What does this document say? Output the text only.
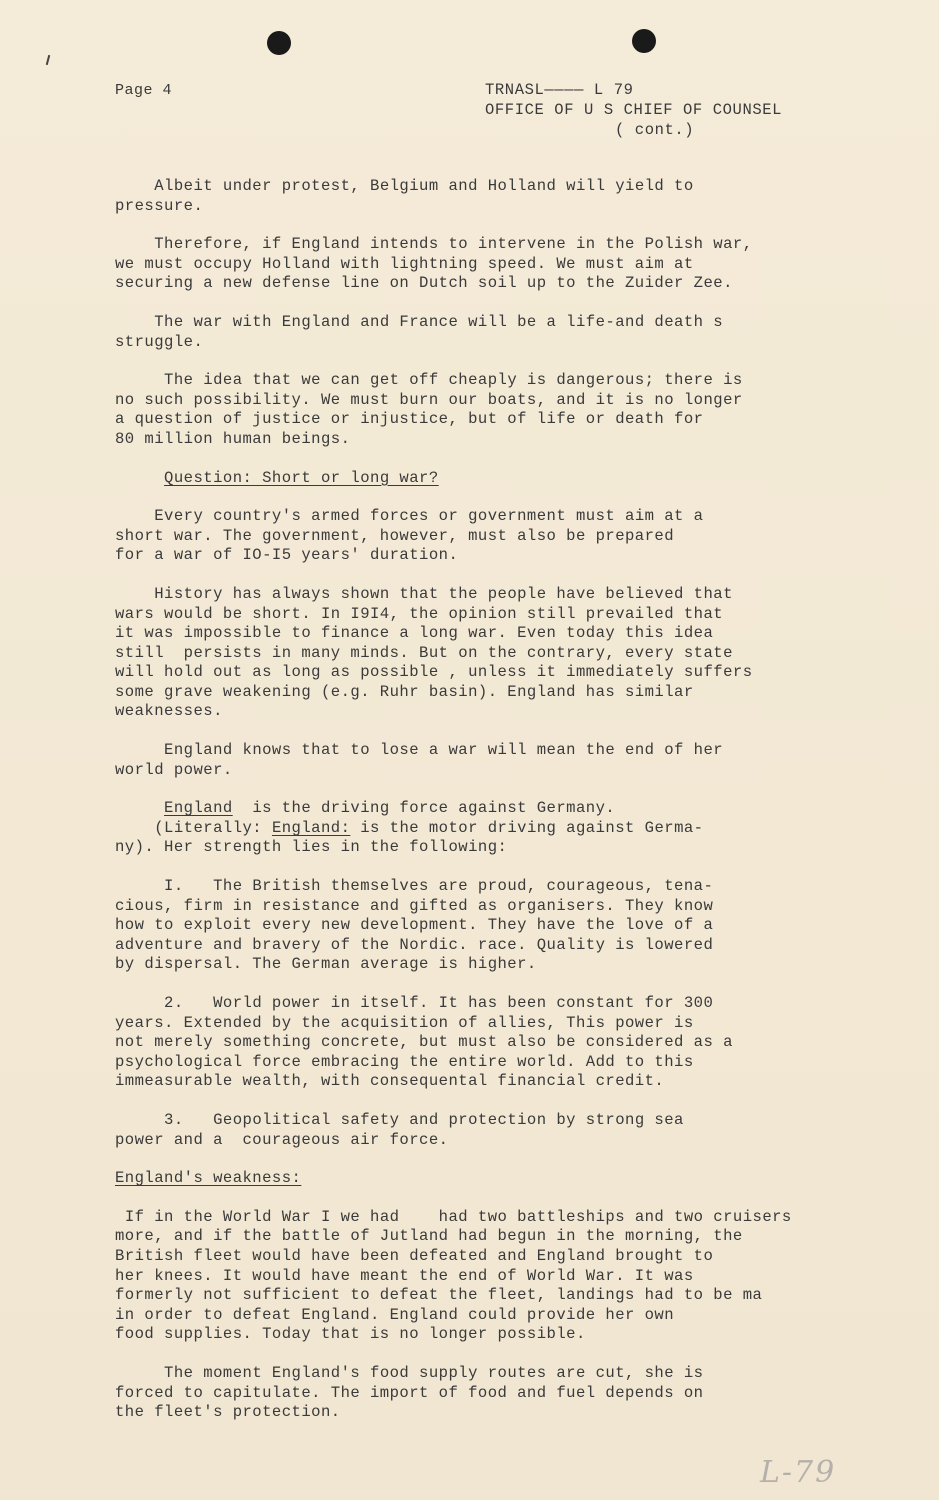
Page 4	TRNASL———— L 79
OFFICE OF U S CHIEF OF COUNSEL
( cont.)
Albeit under protest, Belgium and Holland will yield to
pressure.
Therefore, if England intends to intervene in the Polish war,
we must occupy Holland with lightning speed. We must aim at
securing a new defense line on Dutch soil up to the Zuider Zee.
The war with England and France will be a life-and death s
struggle.
The idea that we can get off cheaply is dangerous; there is
no such possibility. We must burn our boats, and it is no longer
a question of justice or injustice, but of life or death for
80 million human beings.
Question: Short or long war?
Every country's armed forces or government must aim at a
short war. The government, however, must also be prepared
for a war of IO-I5 years' duration.
History has always shown that the people have believed that
wars would be short. In I9I4, the opinion still prevailed that
it was impossible to finance a long war. Even today this idea
still  persists in many minds. But on the contrary, every state
will hold out as long as possible , unless it immediately suffers
some grave weakening (e.g. Ruhr basin). England has similar
weaknesses.
England knows that to lose a war will mean the end of her
world power.
England  is the driving force against Germany.
(Literally: England: is the motor driving against Germa-
ny). Her strength lies in the following:
I.   The British themselves are proud, courageous, tena-
cious, firm in resistance and gifted as organisers. They know
how to exploit every new development. They have the love of a
adventure and bravery of the Nordic. race. Quality is lowered
by dispersal. The German average is higher.
2.   World power in itself. It has been constant for 300
years. Extended by the acquisition of allies, This power is
not merely something concrete, but must also be considered as a
psychological force embracing the entire world. Add to this
immeasurable wealth, with consequental financial credit.
3.   Geopolitical safety and protection by strong sea
power and a  courageous air force.
England's weakness:
If in the World War I we had    had two battleships and two cruisers
more, and if the battle of Jutland had begun in the morning, the
British fleet would have been defeated and England brought to
her knees. It would have meant the end of World War. It was
formerly not sufficient to defeat the fleet, landings had to be ma
in order to defeat England. England could provide her own
food supplies. Today that is no longer possible.
The moment England's food supply routes are cut, she is
forced to capitulate. The import of food and fuel depends on
the fleet's protection.
L-79
